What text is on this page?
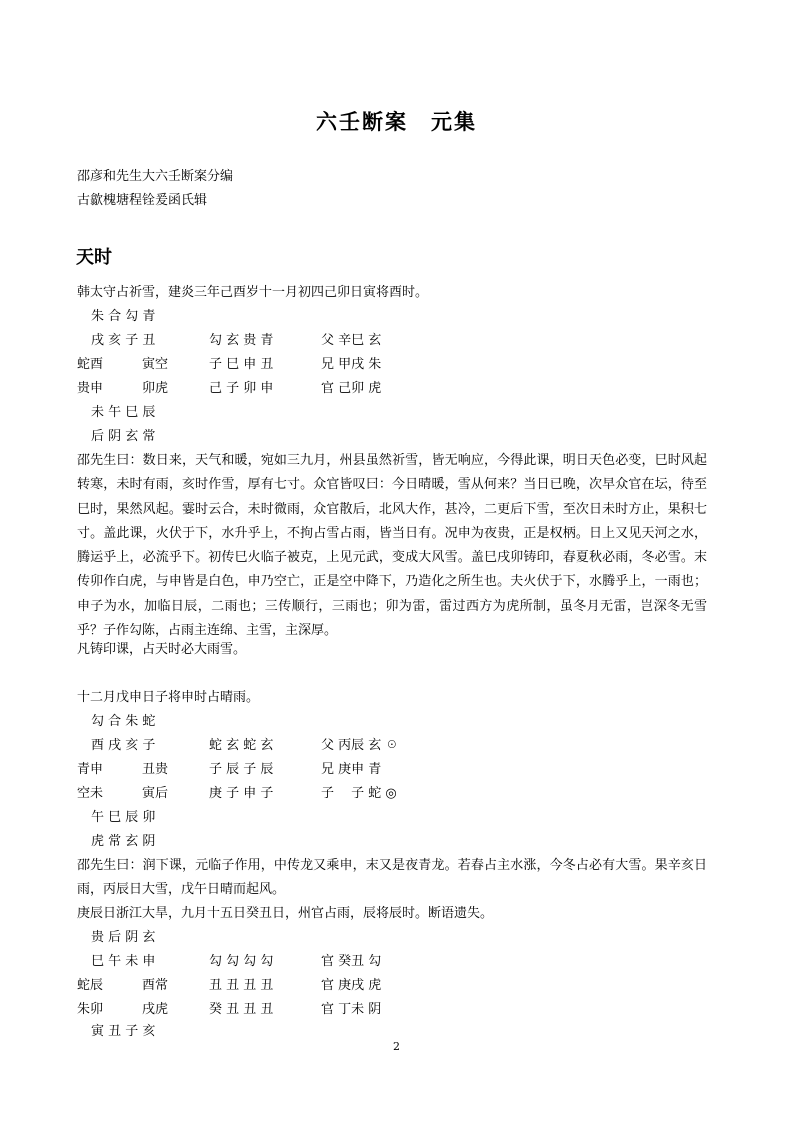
六壬断案　元集
邵彦和先生大六壬断案分编
古歙槐塘程铨爰函氏辑
天时
韩太守占祈雪，建炎三年己酉岁十一月初四己卯日寅将酉时。
朱 合 勾 青
戌 亥 子 丑	勾 玄 贵 青	父 辛巳 玄
蛇酉　　　寅空	子 巳 申 丑	兄 甲戌 朱
贵申　　　卯虎	己 子 卯 申	官 己卯 虎
未 午 巳 辰
后 阴 玄 常
邵先生曰：数日来，天气和暖，宛如三九月，州县虽然祈雪，皆无响应，今得此课，明日天色必变，巳时风起转寒，未时有雨，亥时作雪，厚有七寸。众官皆叹曰：今日晴暖，雪从何来？当日已晚，次早众官在坛，待至巳时，果然风起。霎时云合，未时微雨，众官散后，北风大作，甚冷，二更后下雪，至次日未时方止，果积七寸。盖此课，火伏于下，水升乎上，不拘占雪占雨，皆当日有。况申为夜贵，正是权柄。日上又见天河之水，腾运乎上，必流乎下。初传巳火临子被克，上见元武，变成大风雪。盖巳戌卯铸印，春夏秋必雨，冬必雪。末传卯作白虎，与申皆是白色，申乃空亡，正是空中降下，乃造化之所生也。夫火伏于下，水腾乎上，一雨也；申子为水，加临日辰，二雨也；三传顺行，三雨也；卯为雷，雷过西方为虎所制，虽冬月无雷，岂深冬无雪乎？子作勾陈，占雨主连绵、主雪，主深厚。
凡铸印课，占天时必大雨雪。
十二月戊申日子将申时占晴雨。
勾 合 朱 蛇
酉 戌 亥 子	蛇 玄 蛇 玄	父 丙辰 玄 ☉
青申　　　丑贵	子 辰 子 辰	兄 庚申 青
空未　　　寅后	庚 子 申 子	子　 子 蛇 ◎
午 巳 辰 卯
虎 常 玄 阴
邵先生曰：润下课，元临子作用，中传龙又乘申，末又是夜青龙。若春占主水涨，今冬占必有大雪。果辛亥日雨，丙辰日大雪，戊午日晴而起风。
庚辰日浙江大旱，九月十五日癸丑日，州官占雨，辰将辰时。断语遗失。
贵 后 阴 玄
巳 午 未 申	勾 勾 勾 勾	官 癸丑 勾
蛇辰　　　酉常	丑 丑 丑 丑	官 庚戌 虎
朱卯　　　戌虎	癸 丑 丑 丑	官 丁未 阴
寅 丑 子 亥
2
